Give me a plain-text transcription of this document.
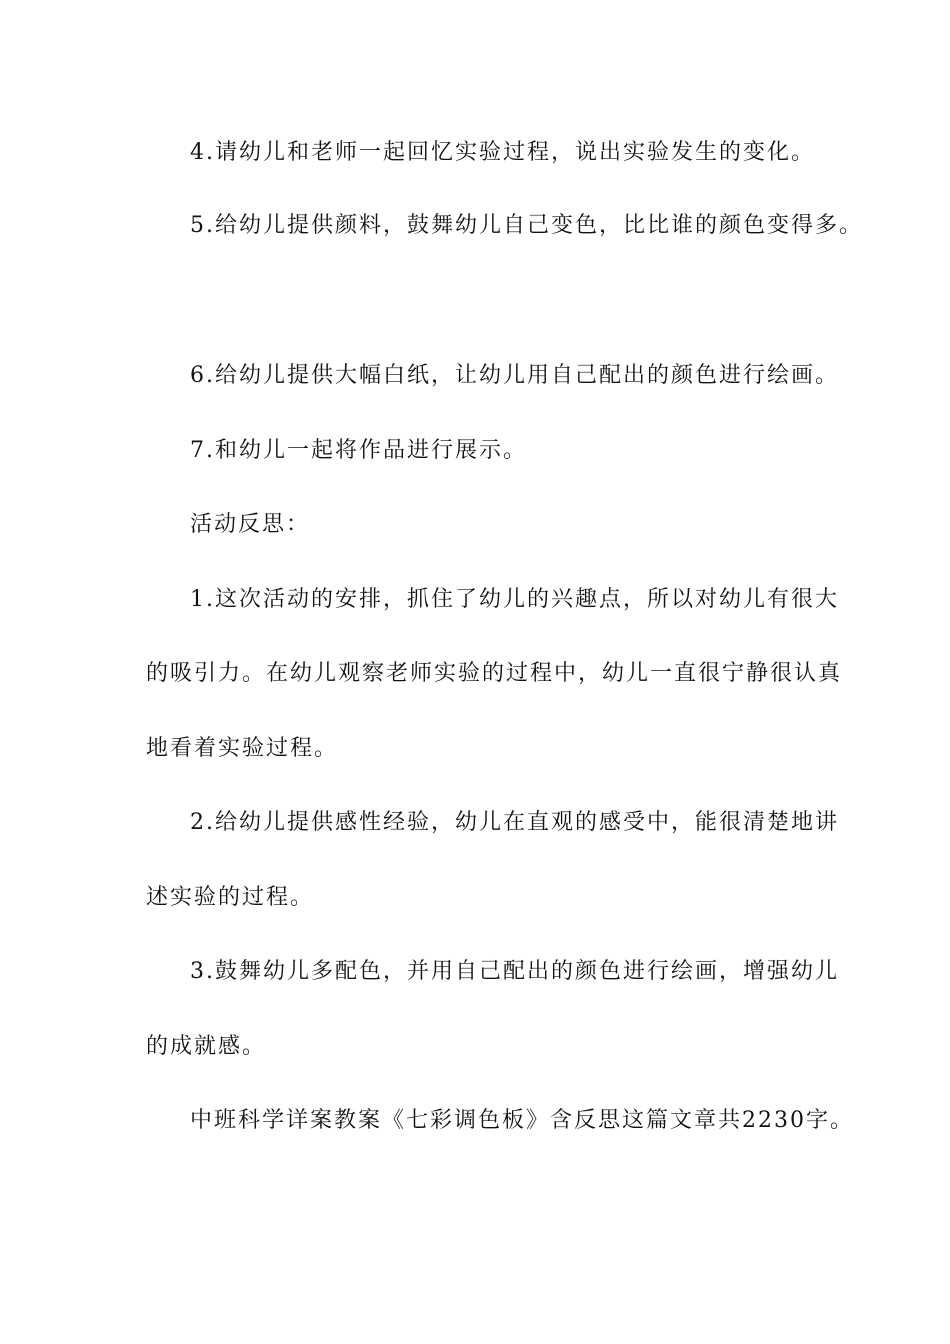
4.请幼儿和老师一起回忆实验过程，说出实验发生的变化。
5.给幼儿提供颜料，鼓舞幼儿自己变色，比比谁的颜色变得多。
6.给幼儿提供大幅白纸，让幼儿用自己配出的颜色进行绘画。
7.和幼儿一起将作品进行展示。
活动反思：
1.这次活动的安排，抓住了幼儿的兴趣点，所以对幼儿有很大
的吸引力。在幼儿观察老师实验的过程中，幼儿一直很宁静很认真
地看着实验过程。
2.给幼儿提供感性经验，幼儿在直观的感受中，能很清楚地讲
述实验的过程。
3.鼓舞幼儿多配色，并用自己配出的颜色进行绘画，增强幼儿
的成就感。
中班科学详案教案《七彩调色板》含反思这篇文章共2230字。
